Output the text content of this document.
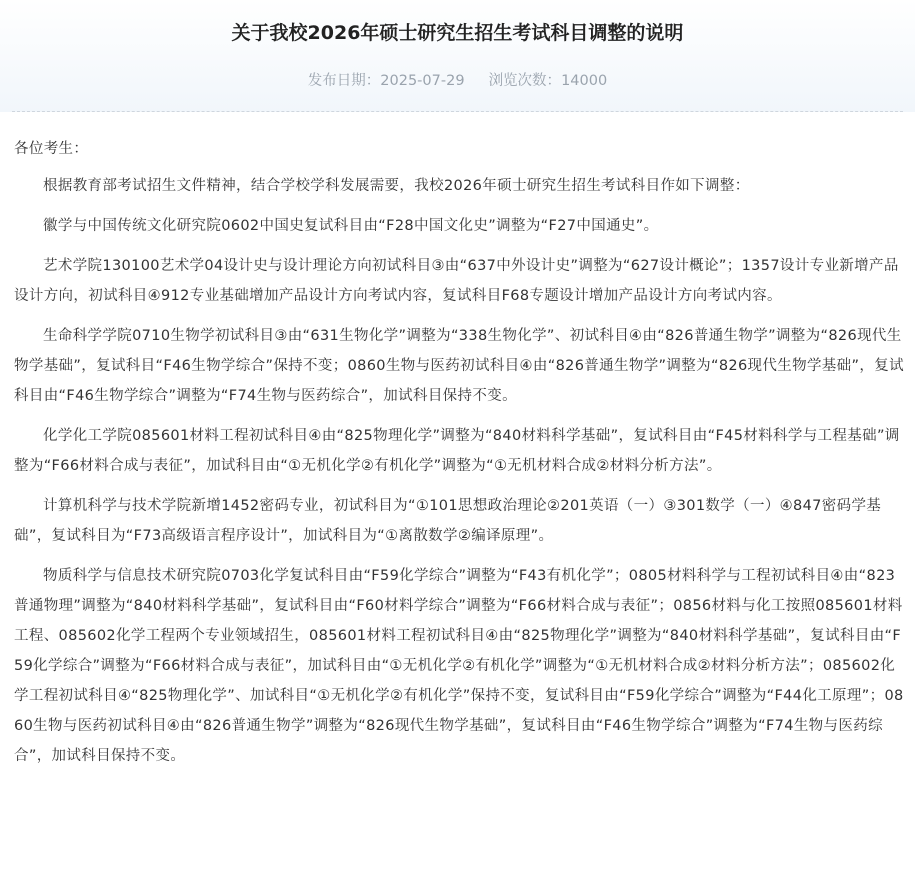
关于我校2026年硕士研究生招生考试科目调整的说明
发布日期：2025-07-29 浏览次数：14000

各位考生：

根据教育部考试招生文件精神，结合学校学科发展需要，我校2026年硕士研究生招生考试科目作如下调整：

徽学与中国传统文化研究院0602中国史复试科目由“F28中国文化史”调整为“F27中国通史”。

艺术学院130100艺术学04设计史与设计理论方向初试科目③由“637中外设计史”调整为“627设计概论”；1357设计专业新增产品设计方向，初试科目④912专业基础增加产品设计方向考试内容，复试科目F68专题设计增加产品设计方向考试内容。

生命科学学院0710生物学初试科目③由“631生物化学”调整为“338生物化学”、初试科目④由“826普通生物学”调整为“826现代生物学基础”，复试科目“F46生物学综合”保持不变；0860生物与医药初试科目④由“826普通生物学”调整为“826现代生物学基础”，复试科目由“F46生物学综合”调整为“F74生物与医药综合”，加试科目保持不变。

化学化工学院085601材料工程初试科目④由“825物理化学”调整为“840材料科学基础”，复试科目由“F45材料科学与工程基础”调整为“F66材料合成与表征”，加试科目由“①无机化学②有机化学”调整为“①无机材料合成②材料分析方法”。

计算机科学与技术学院新增1452密码专业，初试科目为“①101思想政治理论②201英语（一）③301数学（一）④847密码学基础”，复试科目为“F73高级语言程序设计”，加试科目为“①离散数学②编译原理”。

物质科学与信息技术研究院0703化学复试科目由“F59化学综合”调整为“F43有机化学”；0805材料科学与工程初试科目④由“823普通物理”调整为“840材料科学基础”，复试科目由“F60材料学综合”调整为“F66材料合成与表征”；0856材料与化工按照085601材料工程、085602化学工程两个专业领域招生，085601材料工程初试科目④由“825物理化学”调整为“840材料科学基础”，复试科目由“F59化学综合”调整为“F66材料合成与表征”，加试科目由“①无机化学②有机化学”调整为“①无机材料合成②材料分析方法”；085602化学工程初试科目④“825物理化学”、加试科目“①无机化学②有机化学”保持不变，复试科目由“F59化学综合”调整为“F44化工原理”；0860生物与医药初试科目④由“826普通生物学”调整为“826现代生物学基础”，复试科目由“F46生物学综合”调整为“F74生物与医药综合”，加试科目保持不变。
